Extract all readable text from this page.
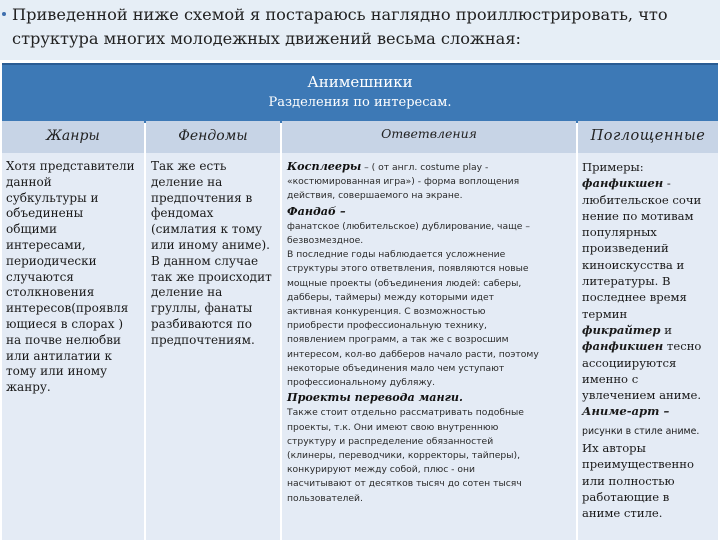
Приведенной ниже схемой я постараюсь наглядно проиллюстрировать, что структура многих молодежных движений весьма сложная:
Анимешники
Разделения по интересам.
Жанры
Хотя представители
данной
субкультуры и
объединены
общими
интересами,
периодически
случаются
столкновения
интересов(проявля
ющиеся в слорах )
на почве нелюбви
или антилатии к
тому или иному
жанру.
Фендомы
Так же есть
деление на
предпочтения в
фендомах
(симлатия к тому
или иному аниме).
В данном случае
так же происходит
деление на
груллы, фанаты
разбиваются по
предпочтениям.
Ответвления
Косплееры – ( от англ. costume play -
«костюмированная игра») - форма воплощения
действия, совершаемого на экране.
Фандаб –
фанатское (любительское) дублирование, чаще –
безвозмездное.
В последние годы наблюдается усложнение
структуры этого ответвления, появляются новые
мощные проекты (объединения людей: саберы,
дабберы, таймеры) между которыми идет
активная конкуренция. С возможностью
приобрести профессиональную технику,
появлением программ, а так же с возросшим
интересом, кол-во дабберов начало расти, поэтому
некоторые объединения мало чем уступают
профессиональному дубляжу.
Проекты перевода манги.
Также стоит отдельно рассматривать подобные
проекты, т.к. Они имеют свою внутреннюю
структуру и распределение обязанностей
(клинеры, переводчики, корректоры, тайперы),
конкурируют между собой, плюс - они
насчитывают от десятков тысяч до сотен тысяч
пользователей.
Поглощенные
Примеры:
фанфикшен -
любительское сочи
нение по мотивам
популярных
произведений
киноискусства и
литературы. В
последнее время
термин
фикрайтер и
фанфикшен тесно
ассоциируются
именно с
увлечением аниме.
Аниме-арт –
рисунки в стиле аниме.
Их авторы
преимущественно
или полностью
работающие в
аниме стиле.
